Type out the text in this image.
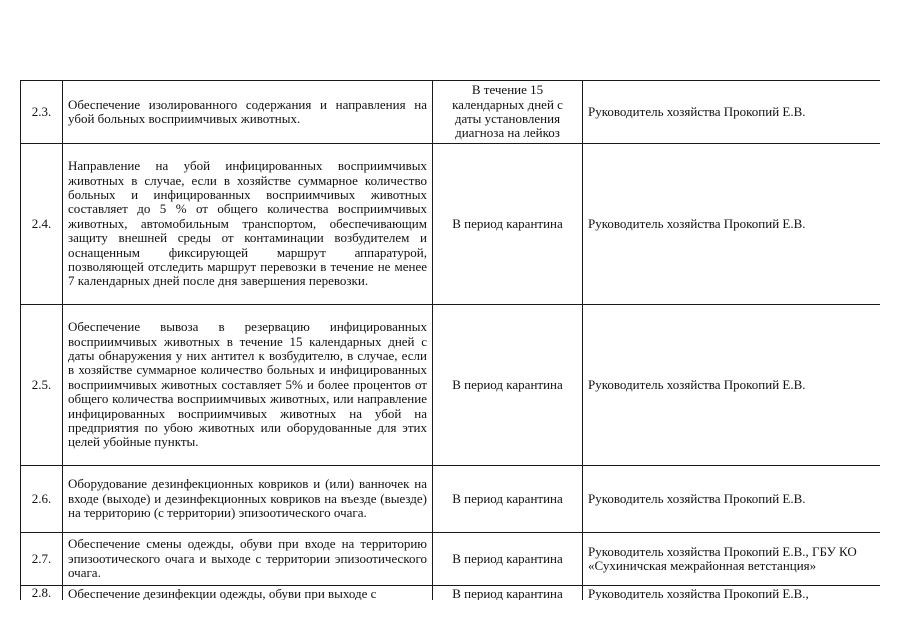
2.3.	Обеспечение изолированного содержания и направления на убой больных восприимчивых животных.	В течение 15 календарных дней с даты установления диагноза на лейкоз	Руководитель хозяйства Прокопий Е.В.
2.4.	Направление на убой инфицированных восприимчивых животных в случае, если в хозяйстве суммарное количество больных и инфицированных восприимчивых животных составляет до 5 % от общего количества восприимчивых животных, автомобильным транспортом, обеспечивающим защиту внешней среды от контаминации возбудителем и оснащенным фиксирующей маршрут аппаратурой, позволяющей отследить маршрут перевозки в течение не менее 7 календарных дней после дня завершения перевозки.	В период карантина	Руководитель хозяйства Прокопий Е.В.
2.5.	Обеспечение вывоза в резервацию инфицированных восприимчивых животных в течение 15 календарных дней с даты обнаружения у них антител к возбудителю, в случае, если в хозяйстве суммарное количество больных и инфицированных восприимчивых животных составляет 5% и более процентов от общего количества восприимчивых животных, или направление инфицированных восприимчивых животных на убой на предприятия по убою животных или оборудованные для этих целей убойные пункты.	В период карантина	Руководитель хозяйства Прокопий Е.В.
2.6.	Оборудование дезинфекционных ковриков и (или) ванночек на входе (выходе) и дезинфекционных ковриков на въезде (выезде) на территорию (с территории) эпизоотического очага.	В период карантина	Руководитель хозяйства Прокопий Е.В.
2.7.	Обеспечение смены одежды, обуви при входе на территорию эпизоотического очага и выходе с территории эпизоотического очага.	В период карантина	Руководитель хозяйства Прокопий Е.В., ГБУ КО «Сухиничская межрайонная ветстанция»
2.8.	Обеспечение дезинфекции одежды, обуви при выходе с	В период карантина	Руководитель хозяйства Прокопий Е.В.,
